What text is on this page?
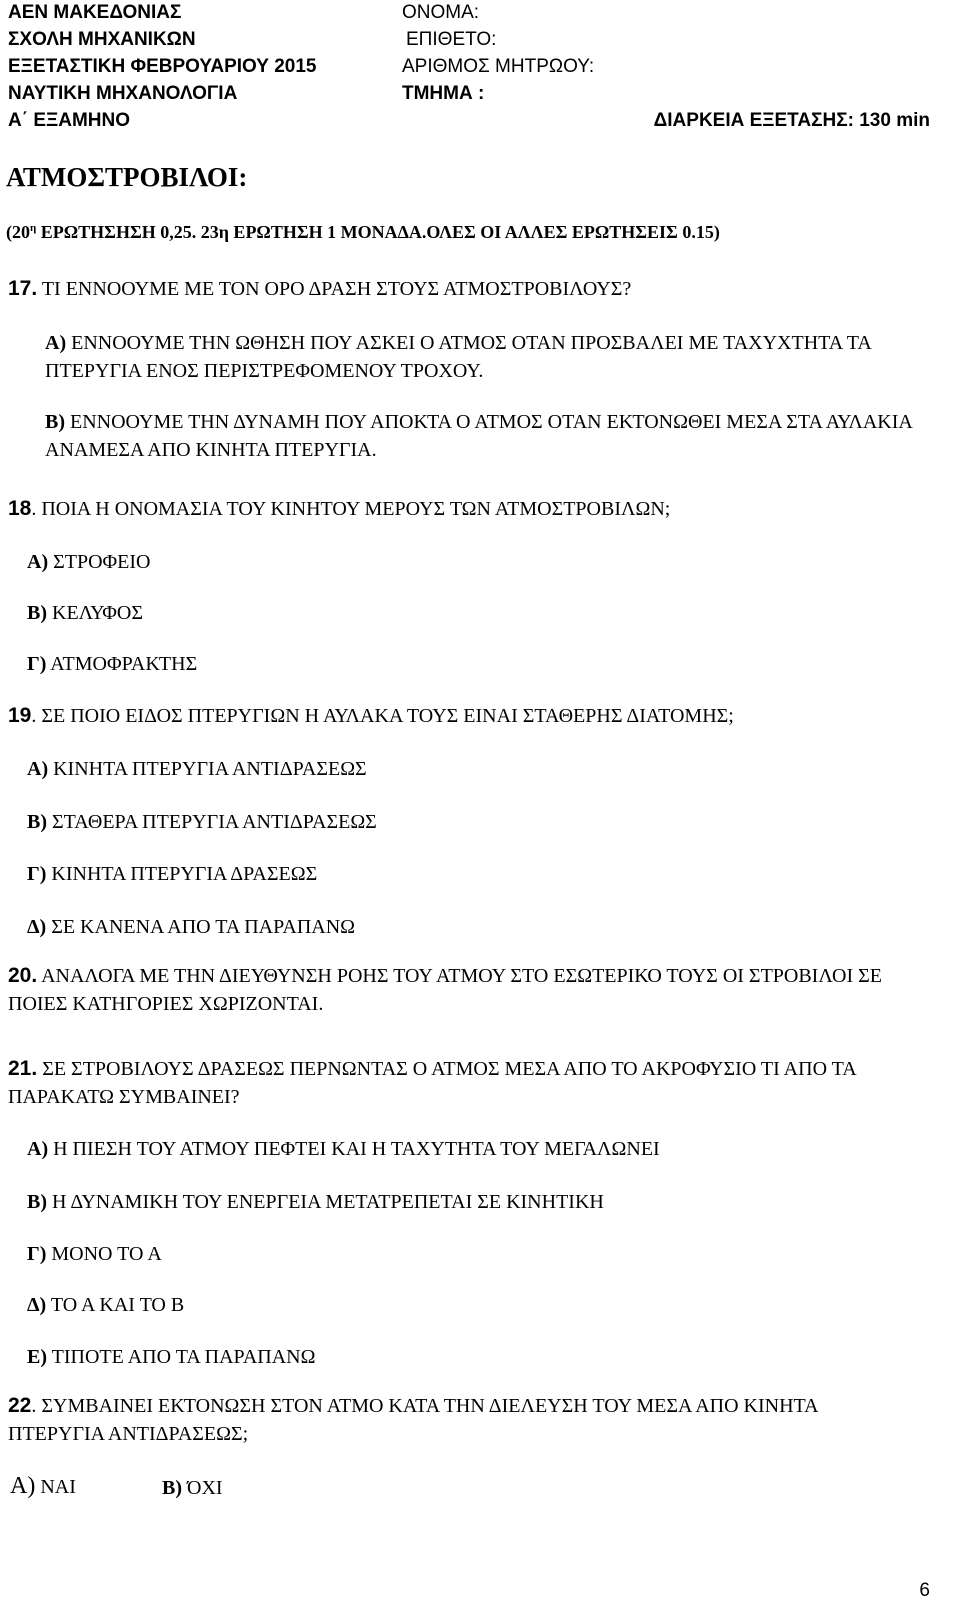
ΑΕΝ ΜΑΚΕΔΟΝΙΑΣ
ΣΧΟΛΗ ΜΗΧΑΝΙΚΩΝ
ΕΞΕΤΑΣΤΙΚΗ ΦΕΒΡΟΥΑΡΙΟΥ 2015
ΝΑΥΤΙΚΗ ΜΗΧΑΝΟΛΟΓΙΑ
Α΄ ΕΞΑΜΗΝΟ
ΟΝΟΜΑ:
ΕΠΙΘΕΤΟ:
ΑΡΙΘΜΟΣ ΜΗΤΡΩΟΥ:
ΤΜΗΜΑ :
ΔΙΑΡΚΕΙΑ ΕΞΕΤΑΣΗΣ: 130 min
ΑΤΜΟΣΤΡΟΒΙΛΟΙ:
($20^\eta$ ΕΡΩΤΗΣΗΣΗ 0,25. 23η ΕΡΩΤΗΣΗ 1 ΜΟΝΑΔΑ.ΟΛΕΣ ΟΙ ΑΛΛΕΣ ΕΡΩΤΗΣΕΙΣ 0.15)
17. ΤΙ ΕΝΝΟΟΥΜΕ ΜΕ ΤΟΝ ΟΡΟ ΔΡΑΣΗ ΣΤΟΥΣ ΑΤΜΟΣΤΡΟΒΙΛΟΥΣ?
Α) ΕΝΝΟΟΥΜΕ ΤΗΝ ΩΘΗΣΗ ΠΟΥ ΑΣΚΕΙ Ο ΑΤΜΟΣ ΟΤΑΝ ΠΡΟΣΒΑΛΕΙ ΜΕ ΤΑΧΥΧΤΗΤΑ ΤΑ ΠΤΕΡΥΓΙΑ ΕΝΟΣ ΠΕΡΙΣΤΡΕΦΟΜΕΝΟΥ ΤΡΟΧΟΥ.
Β) ΕΝΝΟΟΥΜΕ ΤΗΝ ΔΥΝΑΜΗ ΠΟΥ ΑΠΟΚΤΑ Ο ΑΤΜΟΣ ΟΤΑΝ ΕΚΤΟΝΩΘΕΙ ΜΕΣΑ ΣΤΑ ΑΥΛΑΚΙΑ ΑΝΑΜΕΣΑ ΑΠΟ ΚΙΝΗΤΑ ΠΤΕΡΥΓΙΑ.
18. ΠΟΙΑ Η ΟΝΟΜΑΣΙΑ ΤΟΥ ΚΙΝΗΤΟΥ ΜΕΡΟΥΣ ΤΩΝ ΑΤΜΟΣΤΡΟΒΙΛΩΝ;
Α) ΣΤΡΟΦΕΙΟ
Β) ΚΕΛΥΦΟΣ
Γ) ΑΤΜΟΦΡΑΚΤΗΣ
19. ΣΕ ΠΟΙΟ ΕΙΔΟΣ ΠΤΕΡΥΓΙΩΝ Η ΑΥΛΑΚΑ ΤΟΥΣ ΕΙΝΑΙ ΣΤΑΘΕΡΗΣ ΔΙΑΤΟΜΗΣ;
Α) ΚΙΝΗΤΑ ΠΤΕΡΥΓΙΑ ΑΝΤΙΔΡΑΣΕΩΣ
Β) ΣΤΑΘΕΡΑ ΠΤΕΡΥΓΙΑ ΑΝΤΙΔΡΑΣΕΩΣ
Γ) ΚΙΝΗΤΑ ΠΤΕΡΥΓΙΑ ΔΡΑΣΕΩΣ
Δ) ΣΕ ΚΑΝΕΝΑ ΑΠΟ ΤΑ ΠΑΡΑΠΑΝΩ
20. ΑΝΑΛΟΓΑ ΜΕ ΤΗΝ ΔΙΕΥΘΥΝΣΗ ΡΟΗΣ ΤΟΥ ΑΤΜΟΥ ΣΤΟ ΕΣΩΤΕΡΙΚΟ ΤΟΥΣ ΟΙ ΣΤΡΟΒΙΛΟΙ ΣΕ ΠΟΙΕΣ ΚΑΤΗΓΟΡΙΕΣ ΧΩΡΙΖΟΝΤΑΙ.
21. ΣΕ ΣΤΡΟΒΙΛΟΥΣ ΔΡΑΣΕΩΣ ΠΕΡΝΩΝΤΑΣ Ο ΑΤΜΟΣ ΜΕΣΑ ΑΠΟ ΤΟ ΑΚΡΟΦΥΣΙΟ ΤΙ ΑΠΟ ΤΑ ΠΑΡΑΚΑΤΩ ΣΥΜΒΑΙΝΕΙ?
Α) Η ΠΙΕΣΗ ΤΟΥ ΑΤΜΟΥ ΠΕΦΤΕΙ ΚΑΙ Η ΤΑΧΥΤΗΤΑ ΤΟΥ ΜΕΓΑΛΩΝΕΙ
Β) Η ΔΥΝΑΜΙΚΗ ΤΟΥ ΕΝΕΡΓΕΙΑ ΜΕΤΑΤΡΕΠΕΤΑΙ ΣΕ ΚΙΝΗΤΙΚΗ
Γ) ΜΟΝΟ ΤΟ Α
Δ) ΤΟ Α ΚΑΙ ΤΟ Β
Ε) ΤΙΠΟΤΕ ΑΠΟ ΤΑ ΠΑΡΑΠΑΝΩ
22. ΣΥΜΒΑΙΝΕΙ ΕΚΤΟΝΩΣΗ ΣΤΟΝ ΑΤΜΟ ΚΑΤΑ ΤΗΝ ΔΙΕΛΕΥΣΗ ΤΟΥ ΜΕΣΑ ΑΠΟ ΚΙΝΗΤΑ ΠΤΕΡΥΓΙΑ ΑΝΤΙΔΡΑΣΕΩΣ;
Α) ΝΑΙ	Β) ΌΧΙ
6
